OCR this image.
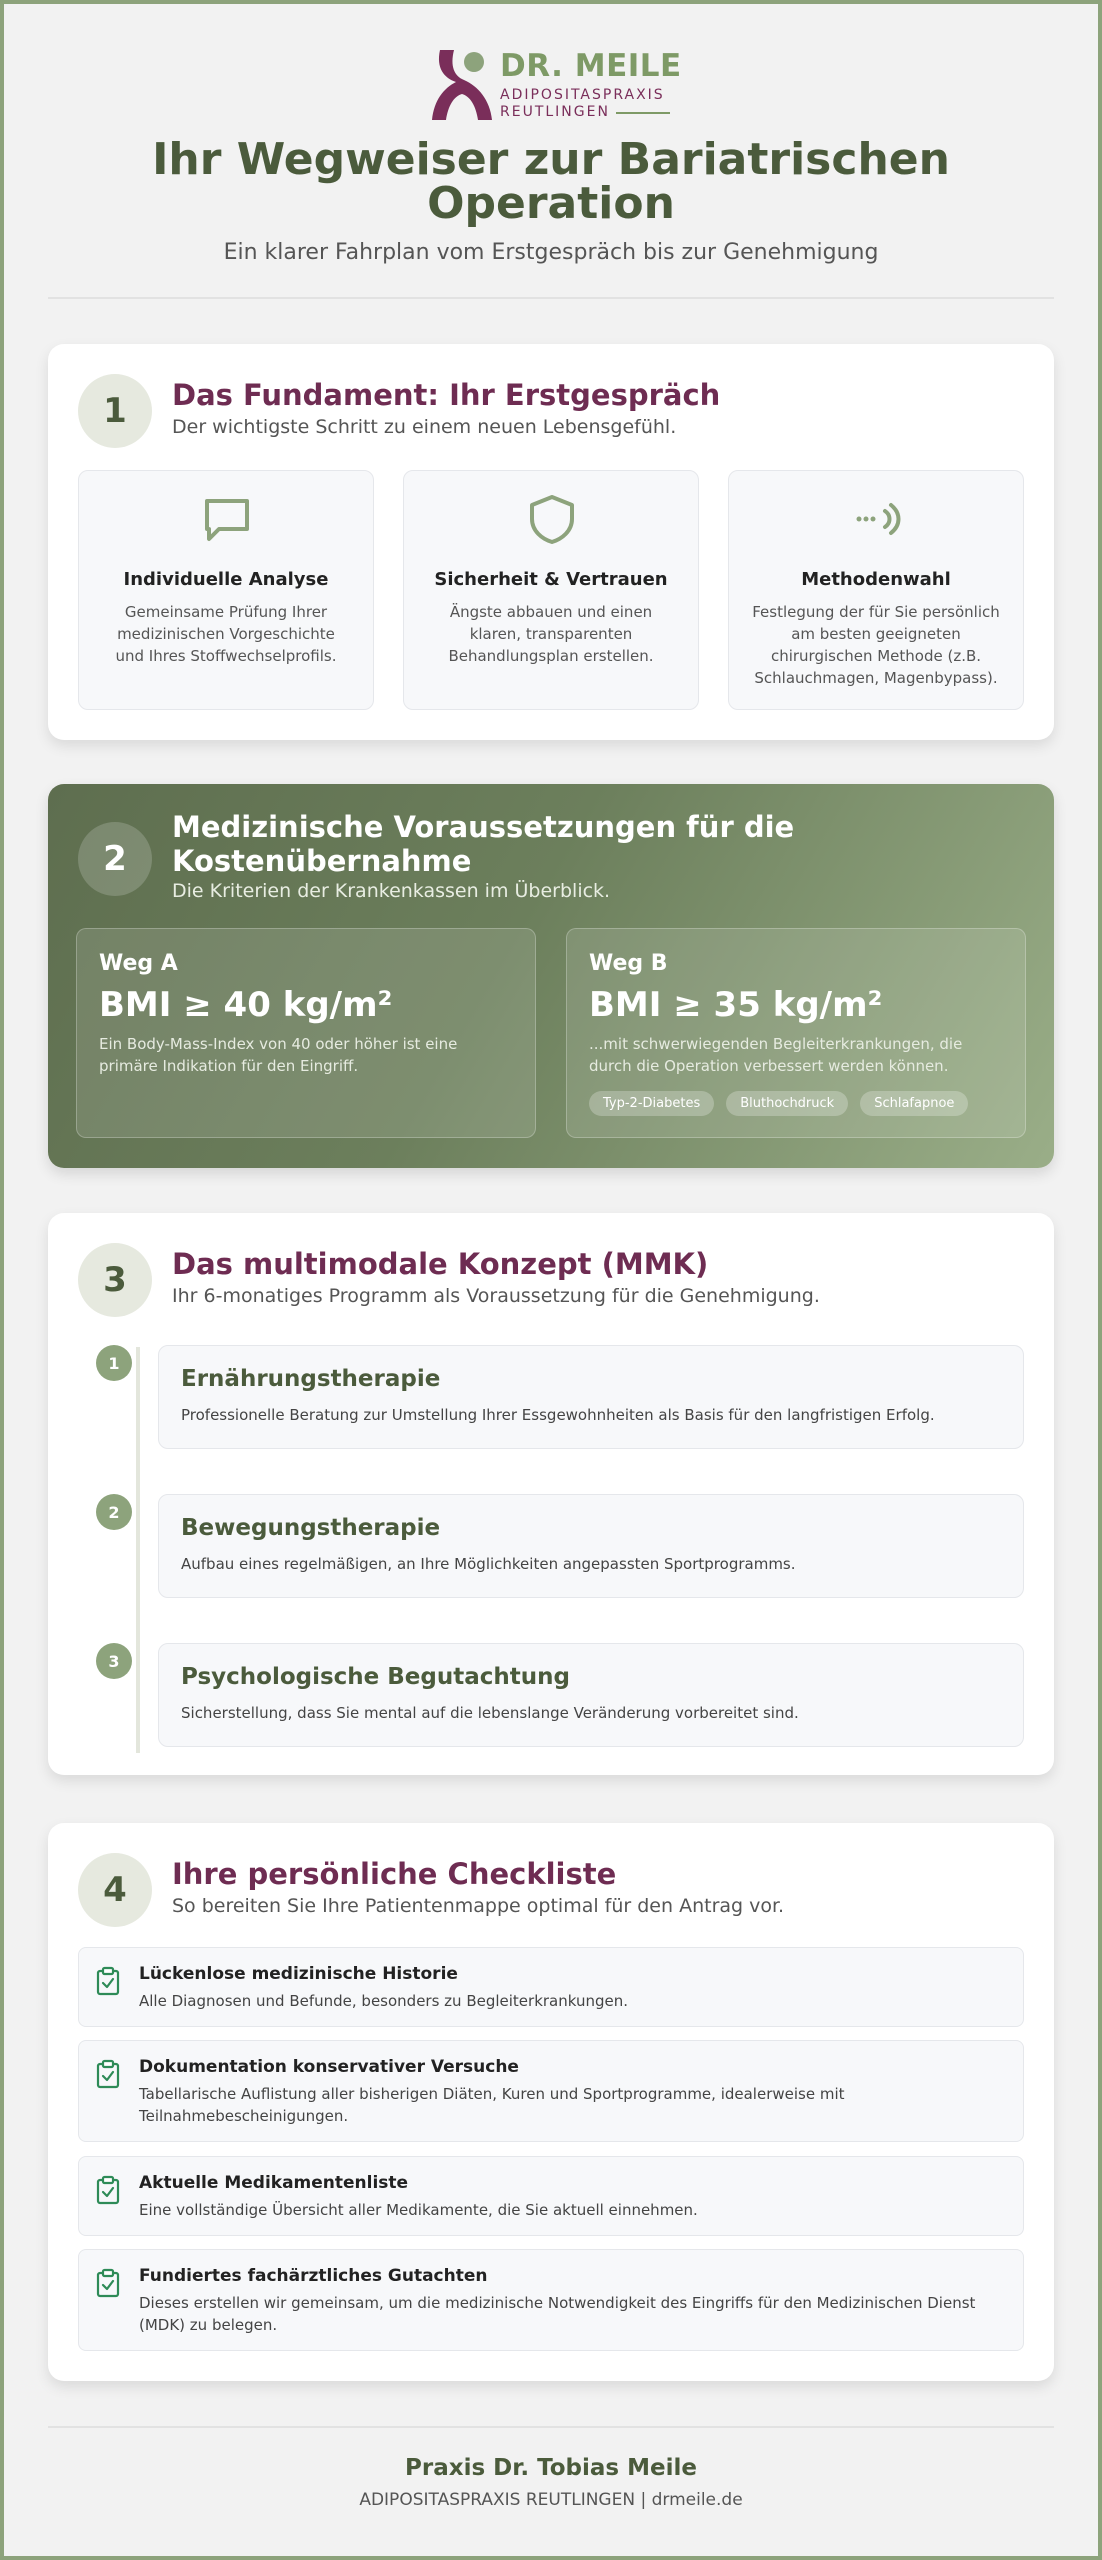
DR. MEILE
ADIPOSITASPRAXIS
REUTLINGEN
Ihr Wegweiser zur Bariatrischen Operation
Ein klarer Fahrplan vom Erstgespräch bis zur Genehmigung
1	Das Fundament: Ihr Erstgespräch
Der wichtigste Schritt zu einem neuen Lebensgefühl.
Individuelle Analyse
Gemeinsame Prüfung Ihrer medizinischen Vorgeschichte und Ihres Stoffwechselprofils.
Sicherheit & Vertrauen
Ängste abbauen und einen klaren, transparenten Behandlungsplan erstellen.
Methodenwahl
Festlegung der für Sie persönlich am besten geeigneten chirurgischen Methode (z.B. Schlauchmagen, Magenbypass).
2
Medizinische Voraussetzungen für die Kostenübernahme
Die Kriterien der Krankenkassen im Überblick.
Weg A
BMI ≥ 40 kg/m²
Ein Body-Mass-Index von 40 oder höher ist eine primäre Indikation für den Eingriff.
Weg B
BMI ≥ 35 kg/m²
...mit schwerwiegenden Begleiterkrankungen, die durch die Operation verbessert werden können.
Typ-2-Diabetes	Bluthochdruck	Schlafapnoe
3	Das multimodale Konzept (MMK)
Ihr 6-monatiges Programm als Voraussetzung für die Genehmigung.
1
Ernährungstherapie
Professionelle Beratung zur Umstellung Ihrer Essgewohnheiten als Basis für den langfristigen Erfolg.
2
Bewegungstherapie
Aufbau eines regelmäßigen, an Ihre Möglichkeiten angepassten Sportprogramms.
3
Psychologische Begutachtung
Sicherstellung, dass Sie mental auf die lebenslange Veränderung vorbereitet sind.
4	Ihre persönliche Checkliste
So bereiten Sie Ihre Patientenmappe optimal für den Antrag vor.
Lückenlose medizinische Historie
Alle Diagnosen und Befunde, besonders zu Begleiterkrankungen.
Dokumentation konservativer Versuche
Tabellarische Auflistung aller bisherigen Diäten, Kuren und Sportprogramme, idealerweise mit Teilnahmebescheinigungen.
Aktuelle Medikamentenliste
Eine vollständige Übersicht aller Medikamente, die Sie aktuell einnehmen.
Fundiertes fachärztliches Gutachten
Dieses erstellen wir gemeinsam, um die medizinische Notwendigkeit des Eingriffs für den Medizinischen Dienst (MDK) zu belegen.
Praxis Dr. Tobias Meile
ADIPOSITASPRAXIS REUTLINGEN | drmeile.de
